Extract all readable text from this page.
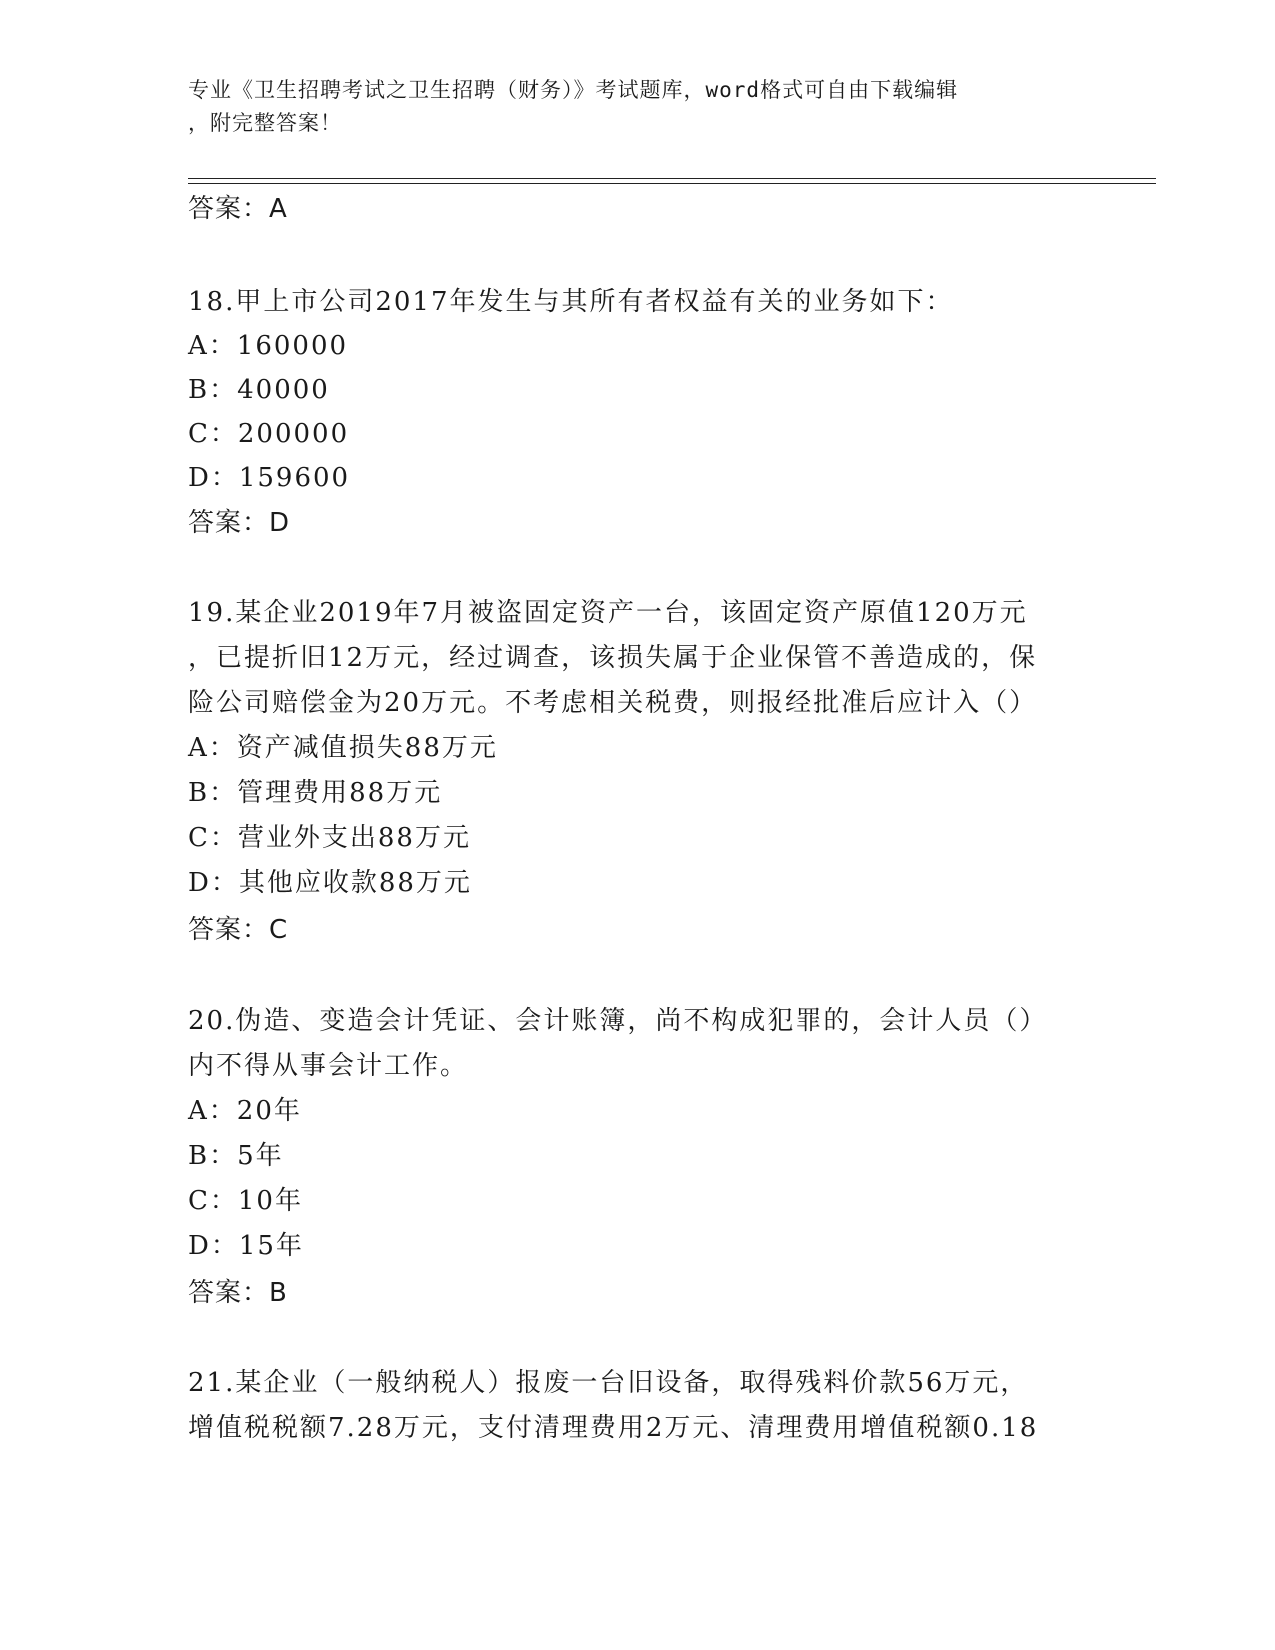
专业《卫生招聘考试之卫生招聘（财务）》考试题库，word格式可自由下载编辑
，附完整答案！
答案：A
18.甲上市公司2017年发生与其所有者权益有关的业务如下：
A：160000
B：40000
C：200000
D：159600
答案：D
19.某企业2019年7月被盗固定资产一台，该固定资产原值120万元
，已提折旧12万元，经过调查，该损失属于企业保管不善造成的，保
险公司赔偿金为20万元。不考虑相关税费，则报经批准后应计入（）
A：资产减值损失88万元
B：管理费用88万元
C：营业外支出88万元
D：其他应收款88万元
答案：C
20.伪造、变造会计凭证、会计账簿，尚不构成犯罪的，会计人员（）
内不得从事会计工作。
A：20年
B：5年
C：10年
D：15年
答案：B
21.某企业（一般纳税人）报废一台旧设备，取得残料价款56万元，
增值税税额7.28万元，支付清理费用2万元、清理费用增值税额0.18
